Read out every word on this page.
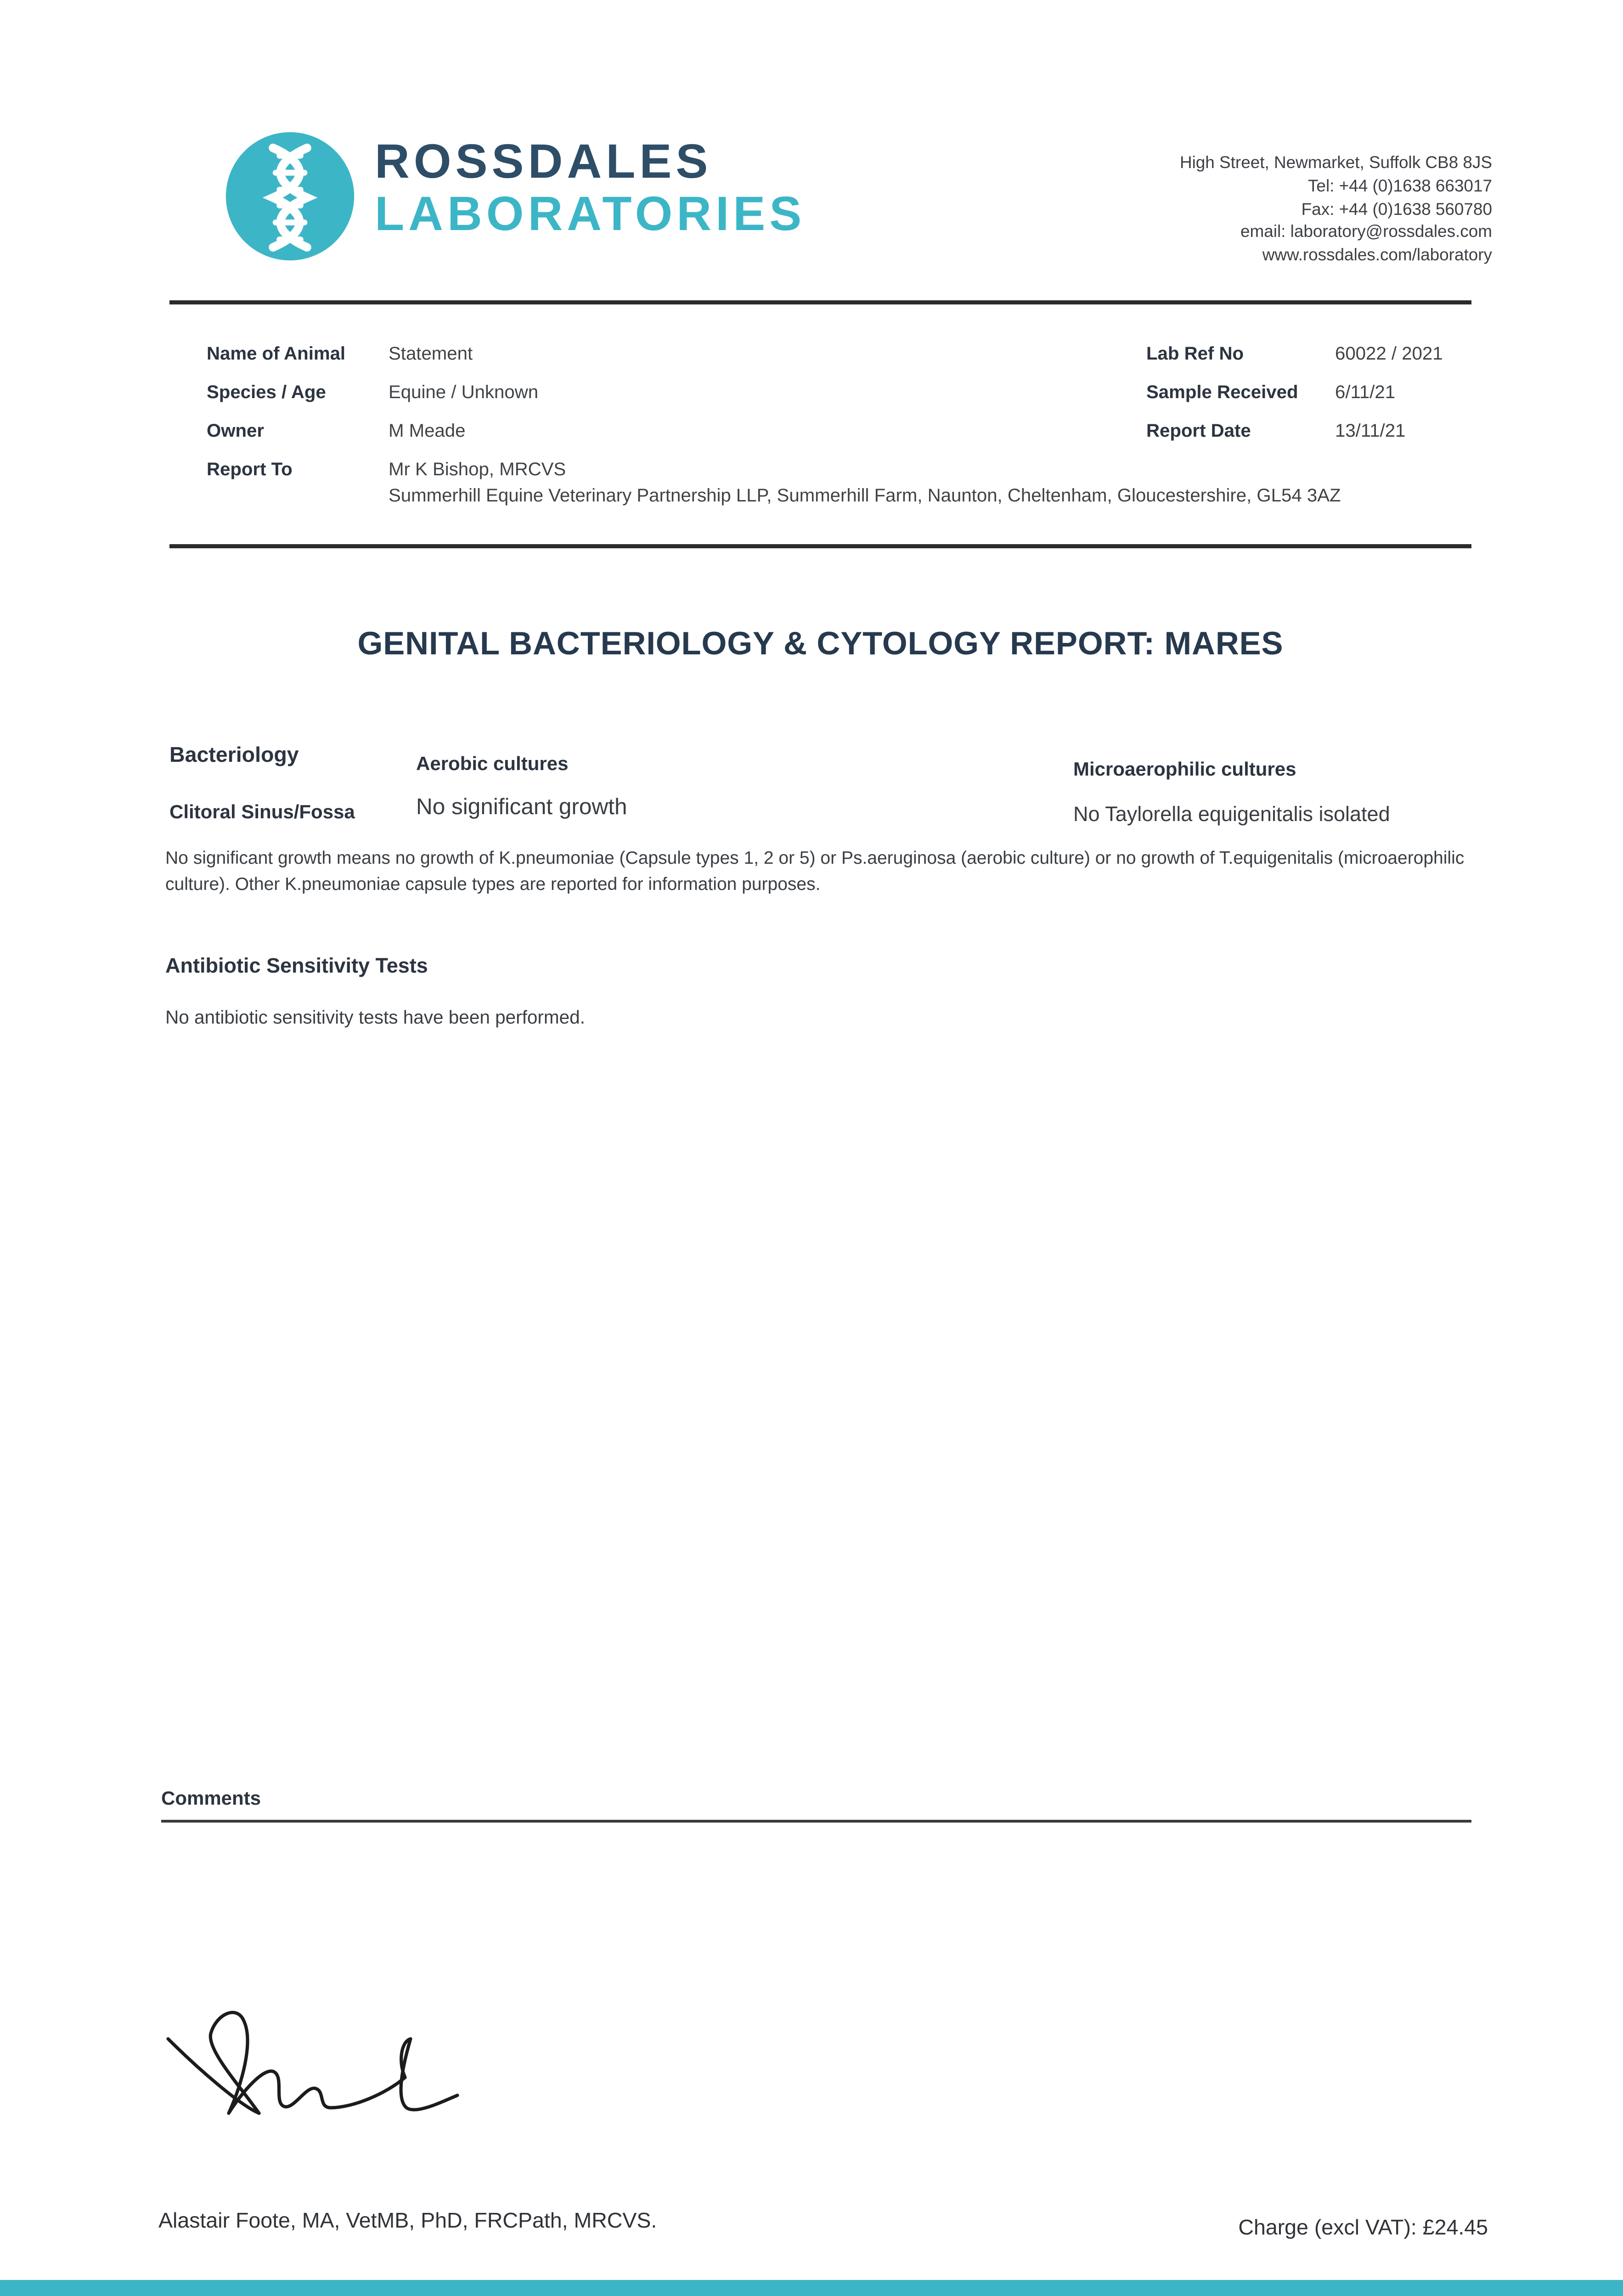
ROSSDALES
LABORATORIES
High Street, Newmarket, Suffolk CB8 8JS
Tel: +44 (0)1638 663017
Fax: +44 (0)1638 560780
email: laboratory@rossdales.com
www.rossdales.com/laboratory
Name of Animal	Statement
Species / Age	Equine / Unknown
Owner	M Meade
Report To	Mr K Bishop, MRCVS
Summerhill Equine Veterinary Partnership LLP, Summerhill Farm, Naunton, Cheltenham, Gloucestershire, GL54 3AZ
Lab Ref No	60022 / 2021
Sample Received	6/11/21
Report Date	13/11/21
GENITAL BACTERIOLOGY & CYTOLOGY REPORT: MARES
Bacteriology	Aerobic cultures	Microaerophilic cultures
Clitoral Sinus/Fossa	No significant growth	No Taylorella equigenitalis isolated
No significant growth means no growth of K.pneumoniae (Capsule types 1, 2 or 5) or Ps.aeruginosa (aerobic culture) or no growth of T.equigenitalis (microaerophilic culture). Other K.pneumoniae capsule types are reported for information purposes.
Antibiotic Sensitivity Tests
No antibiotic sensitivity tests have been performed.
Comments
Alastair Foote, MA, VetMB, PhD, FRCPath, MRCVS.	Charge (excl VAT): £24.45
